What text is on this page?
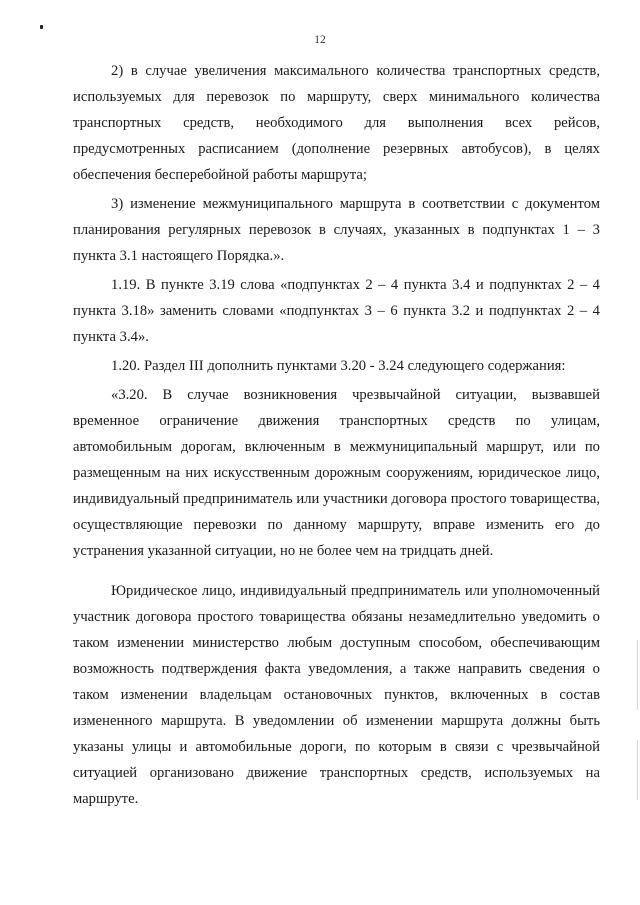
12

2) в случае увеличения максимального количества транспортных средств, используемых для перевозок по маршруту, сверх минимального количества транспортных средств, необходимого для выполнения всех рейсов, предусмотренных расписанием (дополнение резервных автобусов), в целях обеспечения бесперебойной работы маршрута;

3) изменение межмуниципального маршрута в соответствии с документом планирования регулярных перевозок в случаях, указанных в подпунктах 1 – 3 пункта 3.1 настоящего Порядка.».

1.19. В пункте 3.19 слова «подпунктах 2 – 4 пункта 3.4 и подпунктах 2 – 4 пункта 3.18» заменить словами «подпунктах 3 – 6 пункта 3.2 и подпунктах 2 – 4 пункта 3.4».

1.20. Раздел III дополнить пунктами 3.20 - 3.24 следующего содержания:

«3.20. В случае возникновения чрезвычайной ситуации, вызвавшей временное ограничение движения транспортных средств по улицам, автомобильным дорогам, включенным в межмуниципальный маршрут, или по размещенным на них искусственным дорожным сооружениям, юридическое лицо, индивидуальный предприниматель или участники договора простого товарищества, осуществляющие перевозки по данному маршруту, вправе изменить его до устранения указанной ситуации, но не более чем на тридцать дней.

Юридическое лицо, индивидуальный предприниматель или уполномоченный участник договора простого товарищества обязаны незамедлительно уведомить о таком изменении министерство любым доступным способом, обеспечивающим возможность подтверждения факта уведомления, а также направить сведения о таком изменении владельцам остановочных пунктов, включенных в состав измененного маршрута. В уведомлении об изменении маршрута должны быть указаны улицы и автомобильные дороги, по которым в связи с чрезвычайной ситуацией организовано движение транспортных средств, используемых на маршруте.
